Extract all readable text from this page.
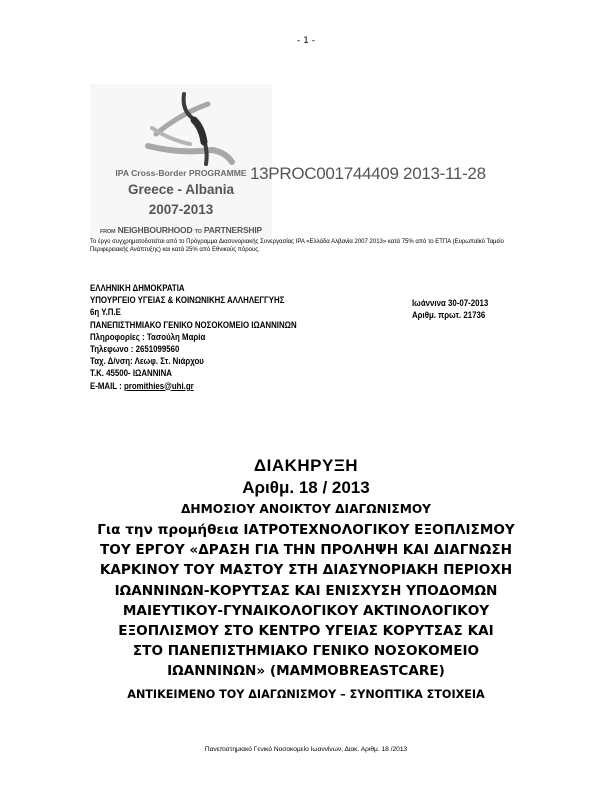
- 1 -
IPA Cross-Border PROGRAMME
Greece - Albania
2007-2013
FROM NEIGHBOURHOOD TO PARTNERSHIP
13PROC001744409 2013-11-28
Το έργο συγχρηματοδοτείται από το Πρόγραμμα Διασυνοριακής Συνεργασίας IPA «Ελλάδα Αλβανία 2007 2013» κατά 75% από το ΕΤΠΑ (Ευρωπαϊκό Ταμείο Περιφερειακής Ανάπτυξης) και κατά 25% από Εθνικούς πόρους.
ΕΛΛΗΝΙΚΗ ΔΗΜΟΚΡΑΤΙΑ
ΥΠΟΥΡΓΕΙΟ ΥΓΕΙΑΣ & ΚΟΙΝΩΝΙΚΗΣ ΑΛΛΗΛΕΓΓΥΗΣ
6η Υ.Π.Ε
ΠΑΝΕΠΙΣΤΗΜΙΑΚΟ ΓΕΝΙΚΟ ΝΟΣΟΚΟΜΕΙΟ ΙΩΑΝΝΙΝΩΝ
Πληροφορίες : Τασούλη Μαρία
Τηλεφωνο : 2651099560
Ταχ. Δ/νση: Λεωφ. Στ. Νιάρχου
Τ.Κ. 45500- ΙΩΑΝΝΙΝΑ
E-MAIL : promithies@uhi.gr
Ιωάννινα 30-07-2013
Αριθμ. πρωτ. 21736
ΔΙΑΚΗΡΥΞΗ
Αριθμ. 18 / 2013
ΔΗΜΟΣΙΟΥ ΑΝΟΙΚΤΟΥ ΔΙΑΓΩΝΙΣΜΟΥ
Για την προμήθεια ΙΑΤΡΟΤΕΧΝΟΛΟΓΙΚΟΥ ΕΞΟΠΛΙΣΜΟΥ
ΤΟΥ ΕΡΓΟΥ «ΔΡΑΣΗ ΓΙΑ ΤΗΝ ΠΡΟΛΗΨΗ ΚΑΙ ΔΙΑΓΝΩΣΗ
ΚΑΡΚΙΝΟΥ ΤΟΥ ΜΑΣΤΟΥ ΣΤΗ ΔΙΑΣΥΝΟΡΙΑΚΗ ΠΕΡΙΟΧΗ
ΙΩΑΝΝΙΝΩΝ-ΚΟΡΥΤΣΑΣ ΚΑΙ ΕΝΙΣΧΥΣΗ ΥΠΟΔΟΜΩΝ
ΜΑΙΕΥΤΙΚΟΥ-ΓΥΝΑΙΚΟΛΟΓΙΚΟΥ ΑΚΤΙΝΟΛΟΓΙΚΟΥ
ΕΞΟΠΛΙΣΜΟΥ ΣΤΟ ΚΕΝΤΡΟ ΥΓΕΙΑΣ ΚΟΡΥΤΣΑΣ ΚΑΙ
ΣΤΟ ΠΑΝΕΠΙΣΤΗΜΙΑΚΟ ΓΕΝΙΚΟ ΝΟΣΟΚΟΜΕΙΟ
ΙΩΑΝΝΙΝΩΝ» (MAMMOBREASTCARE)
ΑΝΤΙΚΕΙΜΕΝΟ ΤΟΥ ΔΙΑΓΩΝΙΣΜΟΥ – ΣΥΝΟΠΤΙΚΑ ΣΤΟΙΧΕΙΑ
Πανεπιστημιακό Γενικό Νοσοκομείο Ιωαννίνων, Διακ. Αριθμ. 18 /2013
